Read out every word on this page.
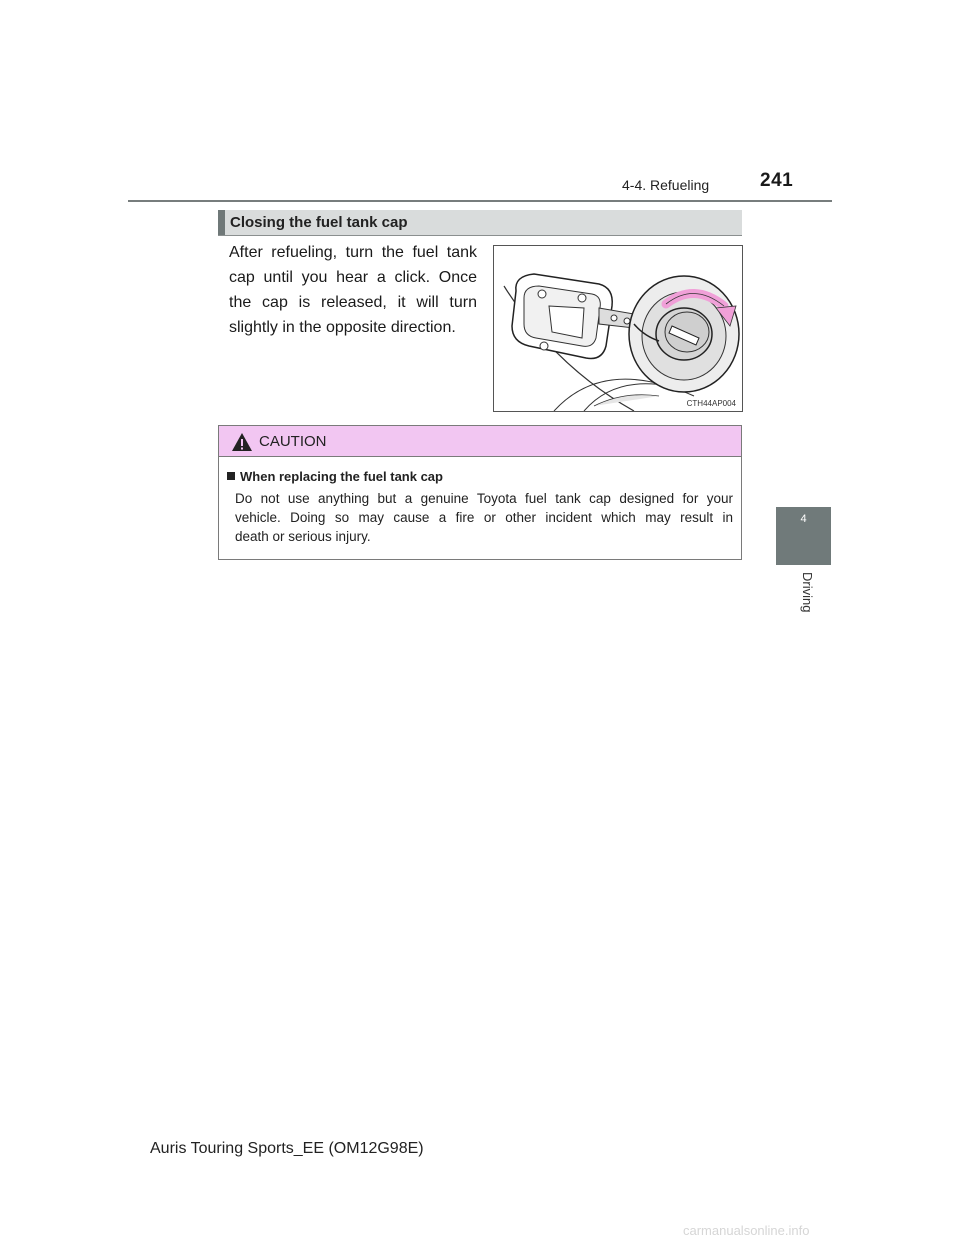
4-4. Refueling	241
Closing the fuel tank cap
After refueling, turn the fuel tank
cap until you hear a click. Once
the cap is released, it will turn
slightly in the opposite direction.
CTH44AP004
CAUTION
When replacing the fuel tank cap
Do not use anything but a genuine Toyota fuel tank cap designed for your
vehicle. Doing so may cause a fire or other incident which may result in
death or serious injury.
4
Driving
Auris Touring Sports_EE (OM12G98E)
carmanualsonline.info
